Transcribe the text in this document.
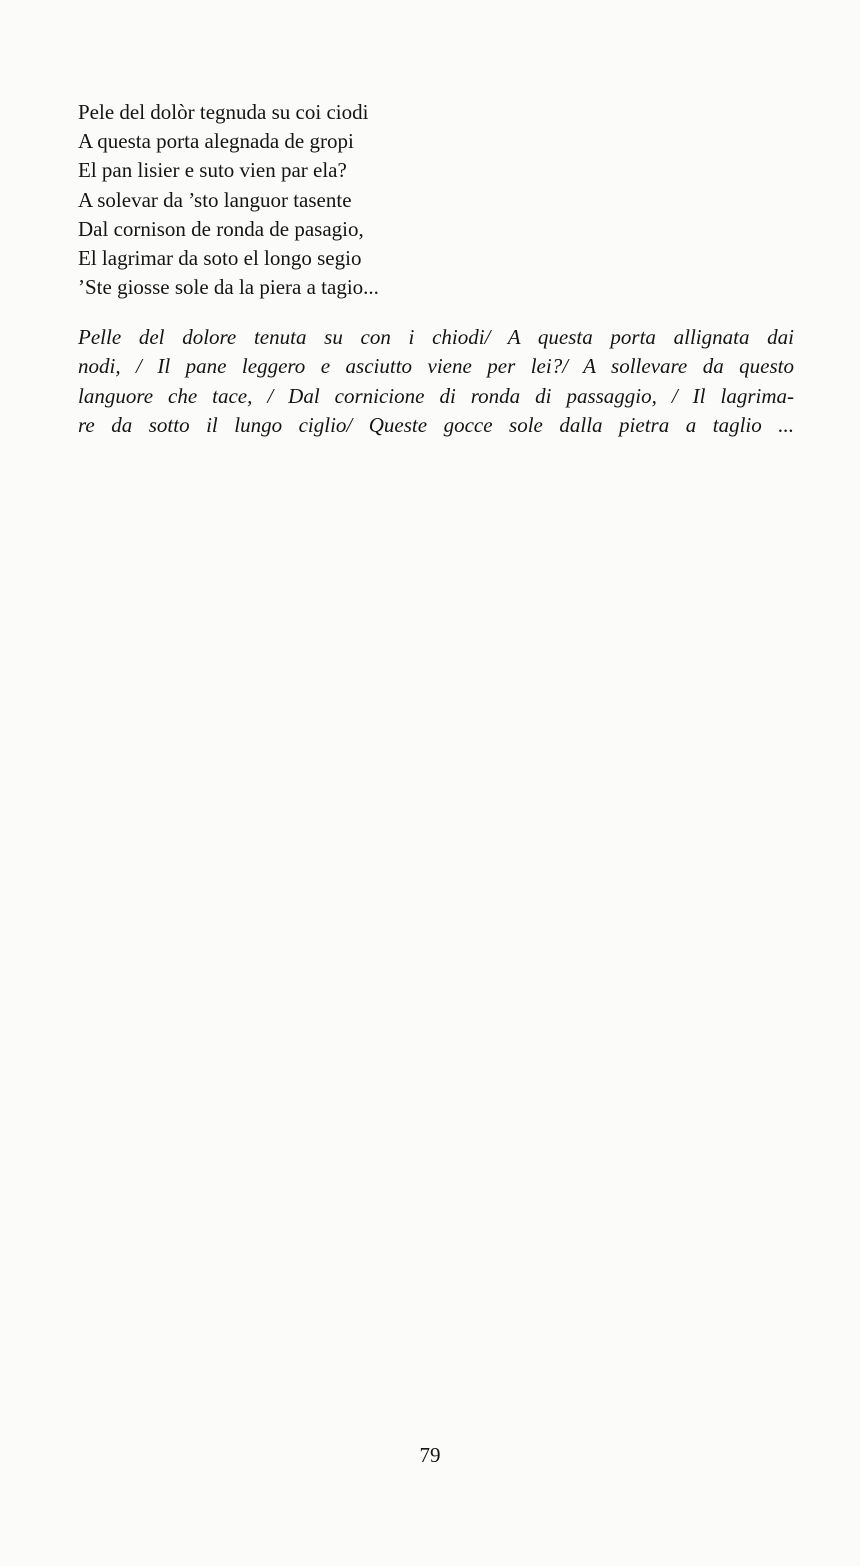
Pele del dolòr tegnuda su coi ciodi
A questa porta alegnada de gropi
El pan lisier e suto vien par ela?
A solevar da ’sto languor tasente
Dal cornison de ronda de pasagio,
El lagrimar da soto el longo segio
’Ste giosse sole da la piera a tagio...
Pelle del dolore tenuta su con i chiodi/ A questa porta allignata dai
nodi, / Il pane leggero e asciutto viene per lei?/ A sollevare da questo
languore che tace, / Dal cornicione di ronda di passaggio, / Il lagrima-
re da sotto il lungo ciglio/ Queste gocce sole dalla pietra a taglio ...
79
